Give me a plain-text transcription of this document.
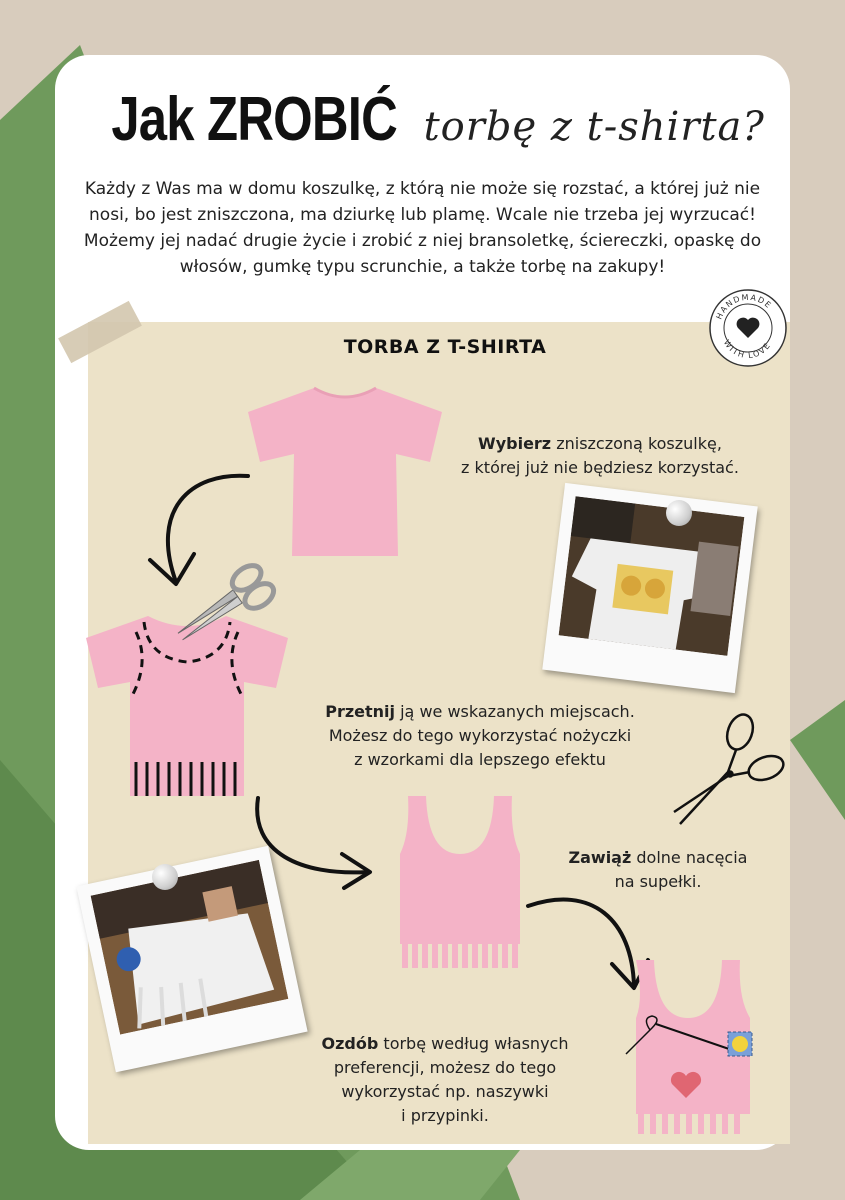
Jak ZROBIĆ torbę z t-shirta?
Każdy z Was ma w domu koszulkę, z którą nie może się rozstać, a której już nie nosi, bo jest zniszczona, ma dziurkę lub plamę. Wcale nie trzeba jej wyrzucać! Możemy jej nadać drugie życie i zrobić z niej bransoletkę, ściereczki, opaskę do włosów, gumkę typu scrunchie, a także torbę na zakupy!
HANDMADE
WITH LOVE
TORBA Z T-SHIRTA
Wybierz zniszczoną koszulkę,
z której już nie będziesz korzystać.
Przetnij ją we wskazanych miejscach.
Możesz do tego wykorzystać nożyczki
z wzorkami dla lepszego efektu
Zawiąż dolne nacęcia
na supełki.
Ozdób torbę według własnych
preferencji, możesz do tego
wykorzystać np. naszywki
i przypinki.
